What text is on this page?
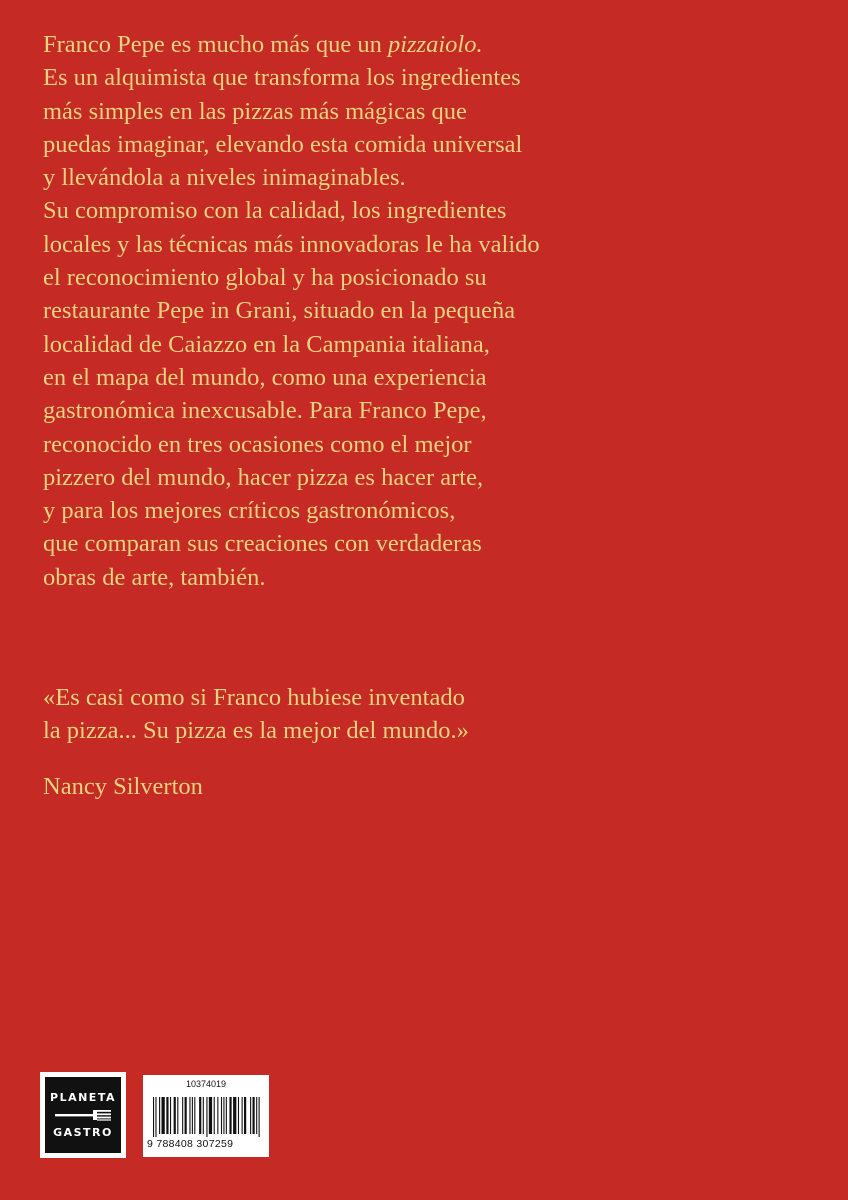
Franco Pepe es mucho más que un pizzaiolo.
Es un alquimista que transforma los ingredientes
más simples en las pizzas más mágicas que
puedas imaginar, elevando esta comida universal
y llevándola a niveles inimaginables.
Su compromiso con la calidad, los ingredientes
locales y las técnicas más innovadoras le ha valido
el reconocimiento global y ha posicionado su
restaurante Pepe in Grani, situado en la pequeña
localidad de Caiazzo en la Campania italiana,
en el mapa del mundo, como una experiencia
gastronómica inexcusable. Para Franco Pepe,
reconocido en tres ocasiones como el mejor
pizzero del mundo, hacer pizza es hacer arte,
y para los mejores críticos gastronómicos,
que comparan sus creaciones con verdaderas
obras de arte, también.
«Es casi como si Franco hubiese inventado
la pizza... Su pizza es la mejor del mundo.»
Nancy Silverton
PLANETA
GASTRO
10374019
9 788408 307259
